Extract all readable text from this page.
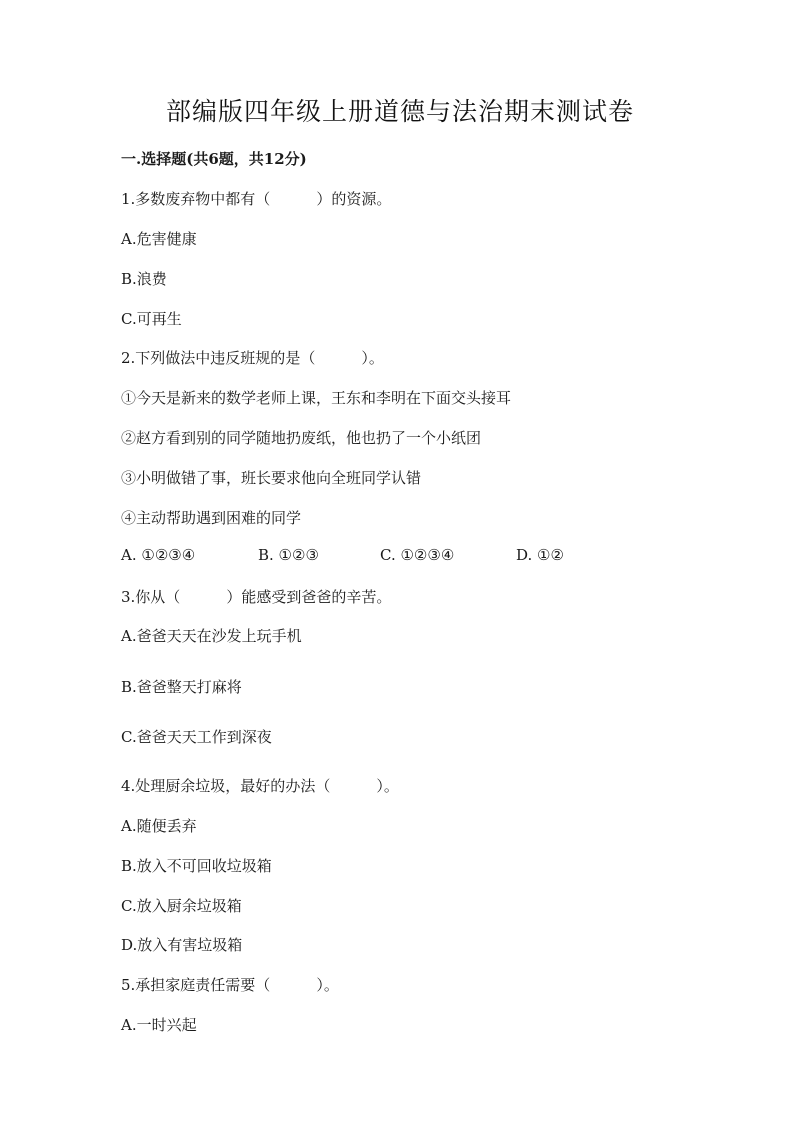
部编版四年级上册道德与法治期末测试卷
一.选择题(共6题，共12分)
1.多数废弃物中都有（	）的资源。
A.危害健康
B.浪费
C.可再生
2.下列做法中违反班规的是（	）。
①今天是新来的数学老师上课，王东和李明在下面交头接耳
②赵方看到别的同学随地扔废纸，他也扔了一个小纸团
③小明做错了事，班长要求他向全班同学认错
④主动帮助遇到困难的同学
A. ①②③④	B. ①②③	C. ①②③④	D. ①②
3.你从（	）能感受到爸爸的辛苦。
A.爸爸天天在沙发上玩手机
B.爸爸整天打麻将
C.爸爸天天工作到深夜
4.处理厨余垃圾，最好的办法（	）。
A.随便丢弃
B.放入不可回收垃圾箱
C.放入厨余垃圾箱
D.放入有害垃圾箱
5.承担家庭责任需要（	）。
A.一时兴起
